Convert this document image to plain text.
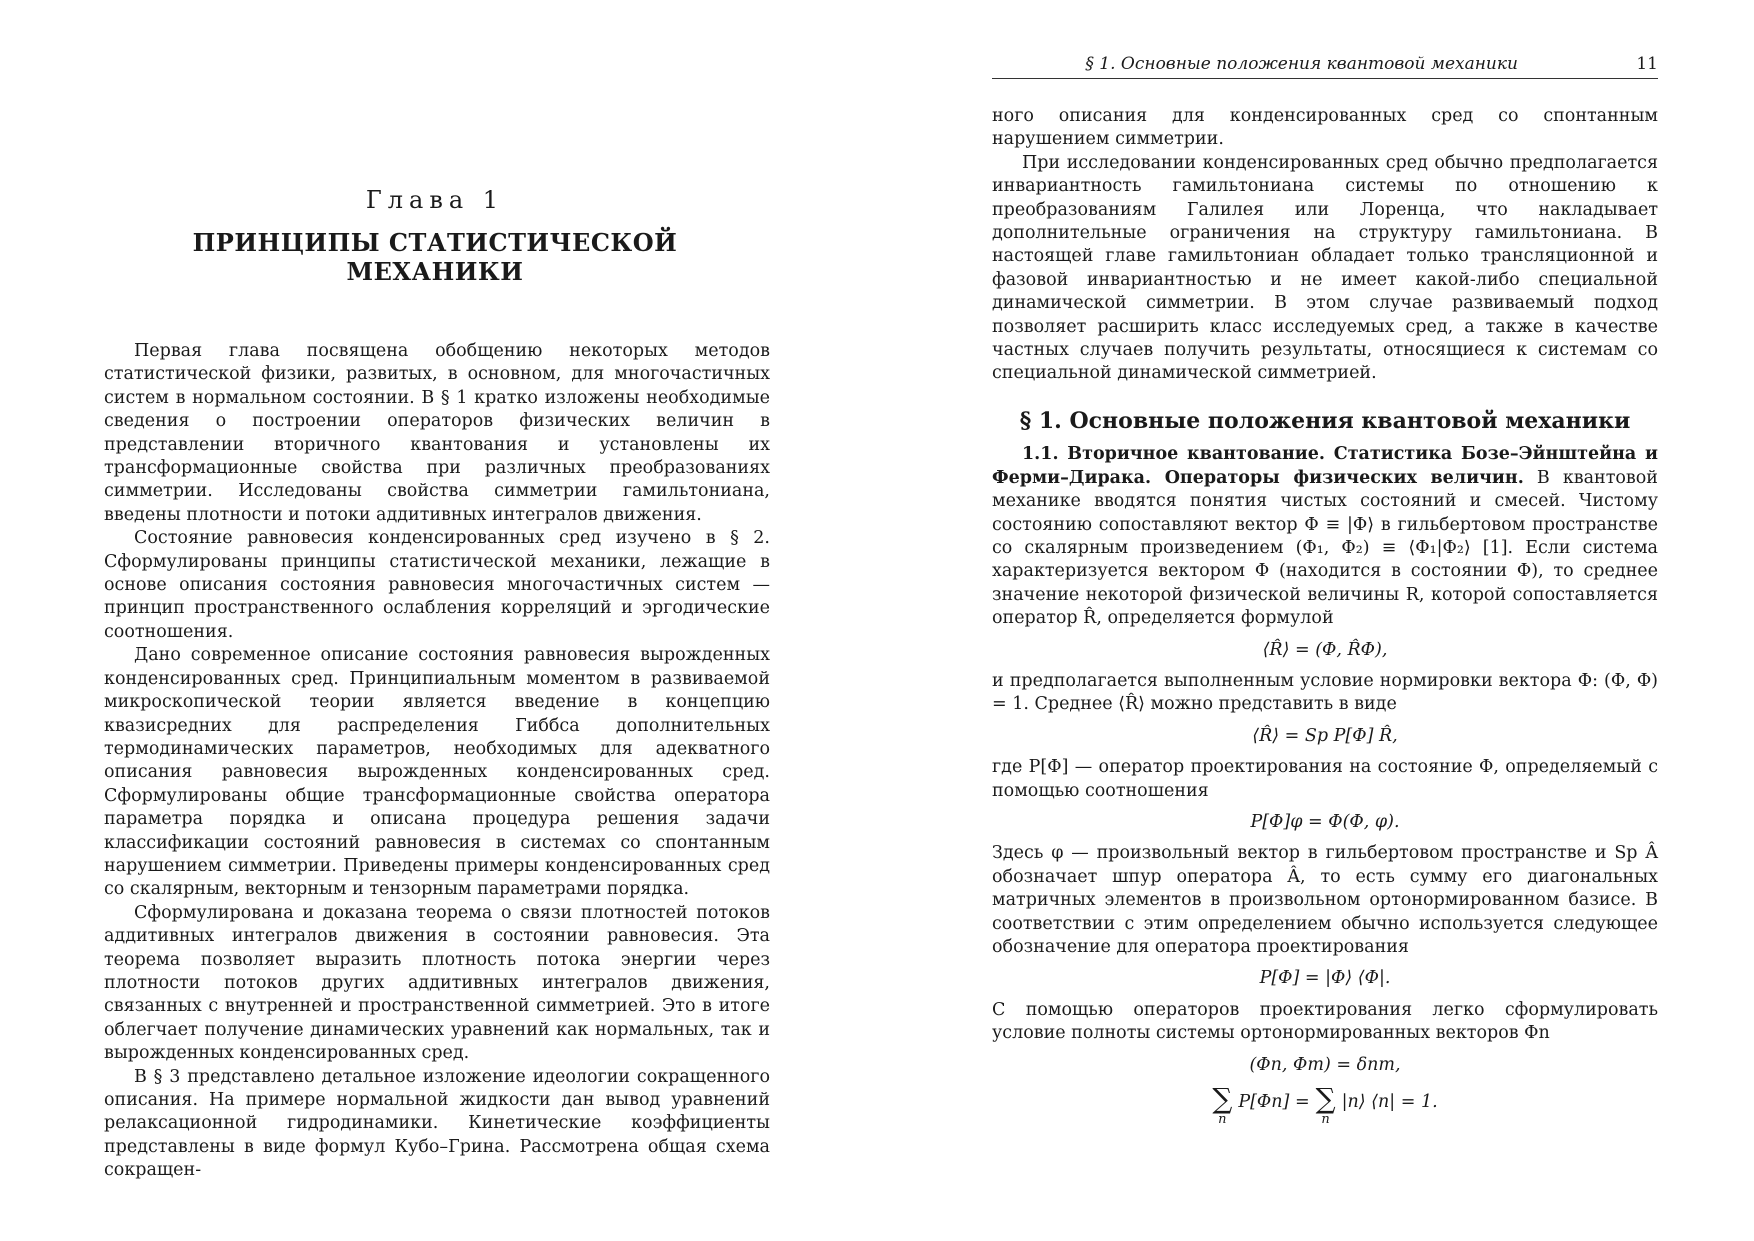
Глава 1
ПРИНЦИПЫ СТАТИСТИЧЕСКОЙ МЕХАНИКИ

Первая глава посвящена обобщению некоторых методов статистической физики, развитых, в основном, для многочастичных систем в нормальном состоянии. В § 1 кратко изложены необходимые сведения о построении операторов физических величин в представлении вторичного квантования и установлены их трансформационные свойства при различных преобразованиях симметрии. Исследованы свойства симметрии гамильтониана, введены плотности и потоки аддитивных интегралов движения.

Состояние равновесия конденсированных сред изучено в § 2. Сформулированы принципы статистической механики, лежащие в основе описания состояния равновесия многочастичных систем — принцип пространственного ослабления корреляций и эргодические соотношения.

Дано современное описание состояния равновесия вырожденных конденсированных сред. Принципиальным моментом в развиваемой микроскопической теории является введение в концепцию квазисредних для распределения Гиббса дополнительных термодинамических параметров, необходимых для адекватного описания равновесия вырожденных конденсированных сред. Сформулированы общие трансформационные свойства оператора параметра порядка и описана процедура решения задачи классификации состояний равновесия в системах со спонтанным нарушением симметрии. Приведены примеры конденсированных сред со скалярным, векторным и тензорным параметрами порядка.

Сформулирована и доказана теорема о связи плотностей потоков аддитивных интегралов движения в состоянии равновесия. Эта теорема позволяет выразить плотность потока энергии через плотности потоков других аддитивных интегралов движения, связанных с внутренней и пространственной симметрией. Это в итоге облегчает получение динамических уравнений как нормальных, так и вырожденных конденсированных сред.

В § 3 представлено детальное изложение идеологии сокращенного описания. На примере нормальной жидкости дан вывод уравнений релаксационной гидродинамики. Кинетические коэффициенты представлены в виде формул Кубо–Грина. Рассмотрена общая схема сокращен-

§ 1. Основные положения квантовой механики	11

ного описания для конденсированных сред со спонтанным нарушением симметрии.

При исследовании конденсированных сред обычно предполагается инвариантность гамильтониана системы по отношению к преобразованиям Галилея или Лоренца, что накладывает дополнительные ограничения на структуру гамильтониана. В настоящей главе гамильтониан обладает только трансляционной и фазовой инвариантностью и не имеет какой-либо специальной динамической симметрии. В этом случае развиваемый подход позволяет расширить класс исследуемых сред, а также в качестве частных случаев получить результаты, относящиеся к системам со специальной динамической симметрией.

§ 1. Основные положения квантовой механики

1.1. Вторичное квантование. Статистика Бозе–Эйнштейна и Ферми–Дирака. Операторы физических величин. В квантовой механике вводятся понятия чистых состояний и смесей. Чистому состоянию сопоставляют вектор Φ ≡ |Φ⟩ в гильбертовом пространстве со скалярным произведением (Φ₁, Φ₂) ≡ ⟨Φ₁|Φ₂⟩ [1]. Если система характеризуется вектором Φ (находится в состоянии Φ), то среднее значение некоторой физической величины R, которой сопоставляется оператор R̂, определяется формулой

⟨R̂⟩ = (Φ, R̂Φ),

и предполагается выполненным условие нормировки вектора Φ: (Φ, Φ) = 1. Среднее ⟨R̂⟩ можно представить в виде

⟨R̂⟩ = Sp P[Φ] R̂,

где P[Φ] — оператор проектирования на состояние Φ, определяемый с помощью соотношения

P[Φ]φ = Φ(Φ, φ).

Здесь φ — произвольный вектор в гильбертовом пространстве и Sp Â обозначает шпур оператора Â, то есть сумму его диагональных матричных элементов в произвольном ортонормированном базисе. В соответствии с этим определением обычно используется следующее обозначение для оператора проектирования

P[Φ] = |Φ⟩ ⟨Φ|.

С помощью операторов проектирования легко сформулировать условие полноты системы ортонормированных векторов Φn

(Φn, Φm) = δnm,
∑
n
P[Φn] = ∑
n
|n⟩ ⟨n| = 1.
